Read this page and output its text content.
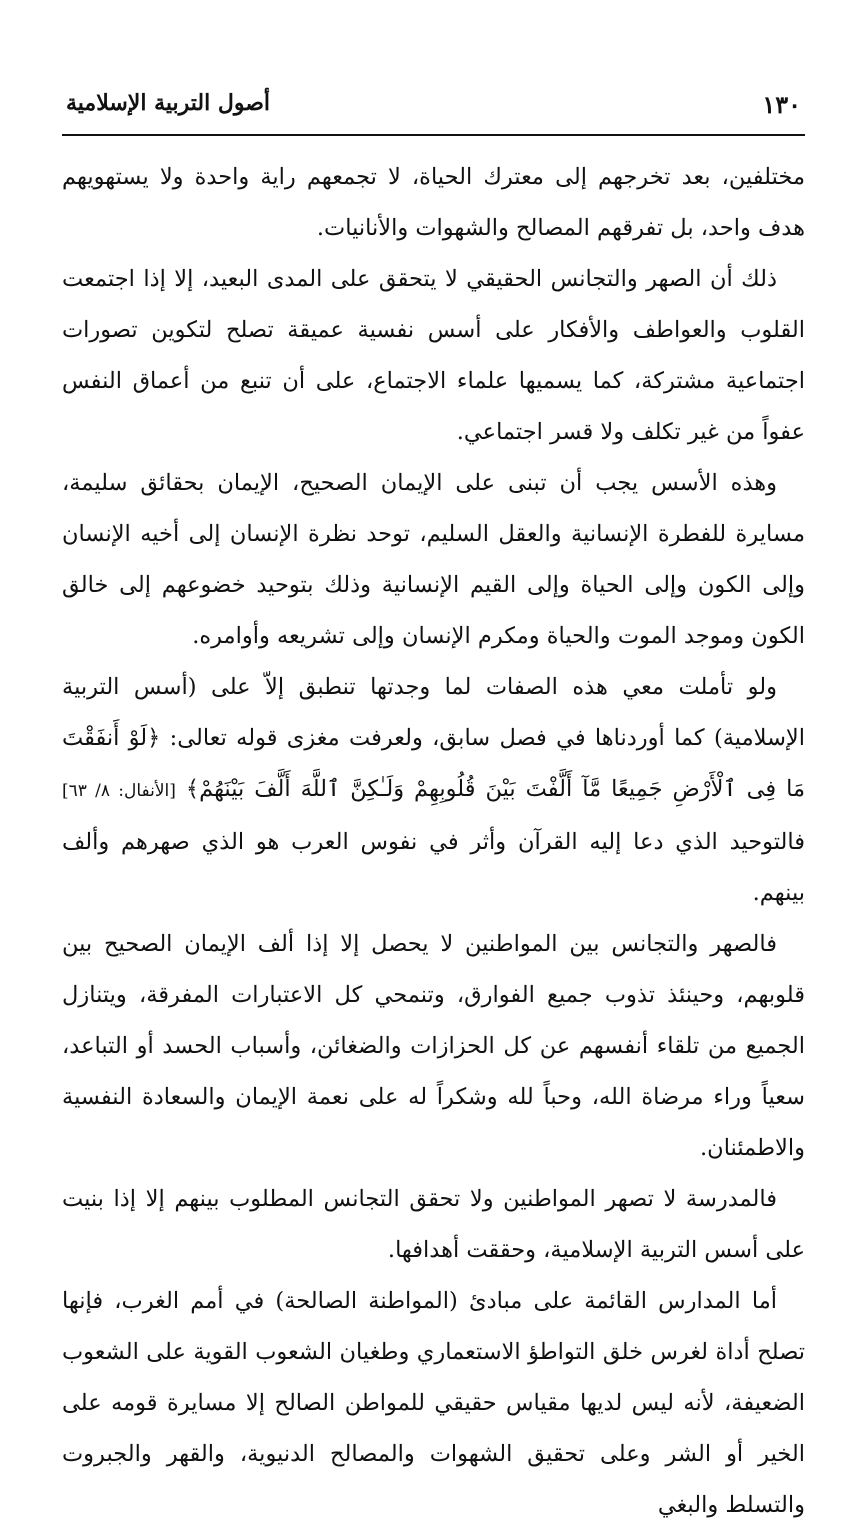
١٣٠
أصول التربية الإسلامية

مختلفين، بعد تخرجهم إلى معترك الحياة، لا تجمعهم راية واحدة ولا يستهويهم هدف واحد، بل تفرقهم المصالح والشهوات والأنانيات.

ذلك أن الصهر والتجانس الحقيقي لا يتحقق على المدى البعيد، إلا إذا اجتمعت القلوب والعواطف والأفكار على أسس نفسية عميقة تصلح لتكوين تصورات اجتماعية مشتركة، كما يسميها علماء الاجتماع، على أن تنبع من أعماق النفس عفواً من غير تكلف ولا قسر اجتماعي.

وهذه الأسس يجب أن تبنى على الإيمان الصحيح، الإيمان بحقائق سليمة، مسايرة للفطرة الإنسانية والعقل السليم، توحد نظرة الإنسان إلى أخيه الإنسان وإلى الكون وإلى الحياة وإلى القيم الإنسانية وذلك بتوحيد خضوعهم إلى خالق الكون وموجد الموت والحياة ومكرم الإنسان وإلى تشريعه وأوامره.

ولو تأملت معي هذه الصفات لما وجدتها تنطبق إلاّ على (أسس التربية الإسلامية) كما أوردناها في فصل سابق، ولعرفت مغزى قوله تعالى: ﴿لَوْ أَنفَقْتَ مَا فِى ٱلْأَرْضِ جَمِيعًا مَّآ أَلَّفْتَ بَيْنَ قُلُوبِهِمْ وَلَـٰكِنَّ ٱللَّهَ أَلَّفَ بَيْنَهُمْ﴾ [الأنفال: ٨/ ٦٣] فالتوحيد الذي دعا إليه القرآن وأثر في نفوس العرب هو الذي صهرهم وألف بينهم.

فالصهر والتجانس بين المواطنين لا يحصل إلا إذا ألف الإيمان الصحيح بين قلوبهم، وحينئذ تذوب جميع الفوارق، وتنمحي كل الاعتبارات المفرقة، ويتنازل الجميع من تلقاء أنفسهم عن كل الحزازات والضغائن، وأسباب الحسد أو التباعد، سعياً وراء مرضاة الله، وحباً لله وشكراً له على نعمة الإيمان والسعادة النفسية والاطمئنان.

فالمدرسة لا تصهر المواطنين ولا تحقق التجانس المطلوب بينهم إلا إذا بنيت على أسس التربية الإسلامية، وحققت أهدافها.

أما المدارس القائمة على مبادئ (المواطنة الصالحة) في أمم الغرب، فإنها تصلح أداة لغرس خلق التواطؤ الاستعماري وطغيان الشعوب القوية على الشعوب الضعيفة، لأنه ليس لديها مقياس حقيقي للمواطن الصالح إلا مسايرة قومه على الخير أو الشر وعلى تحقيق الشهوات والمصالح الدنيوية، والقهر والجبروت والتسلط والبغي
